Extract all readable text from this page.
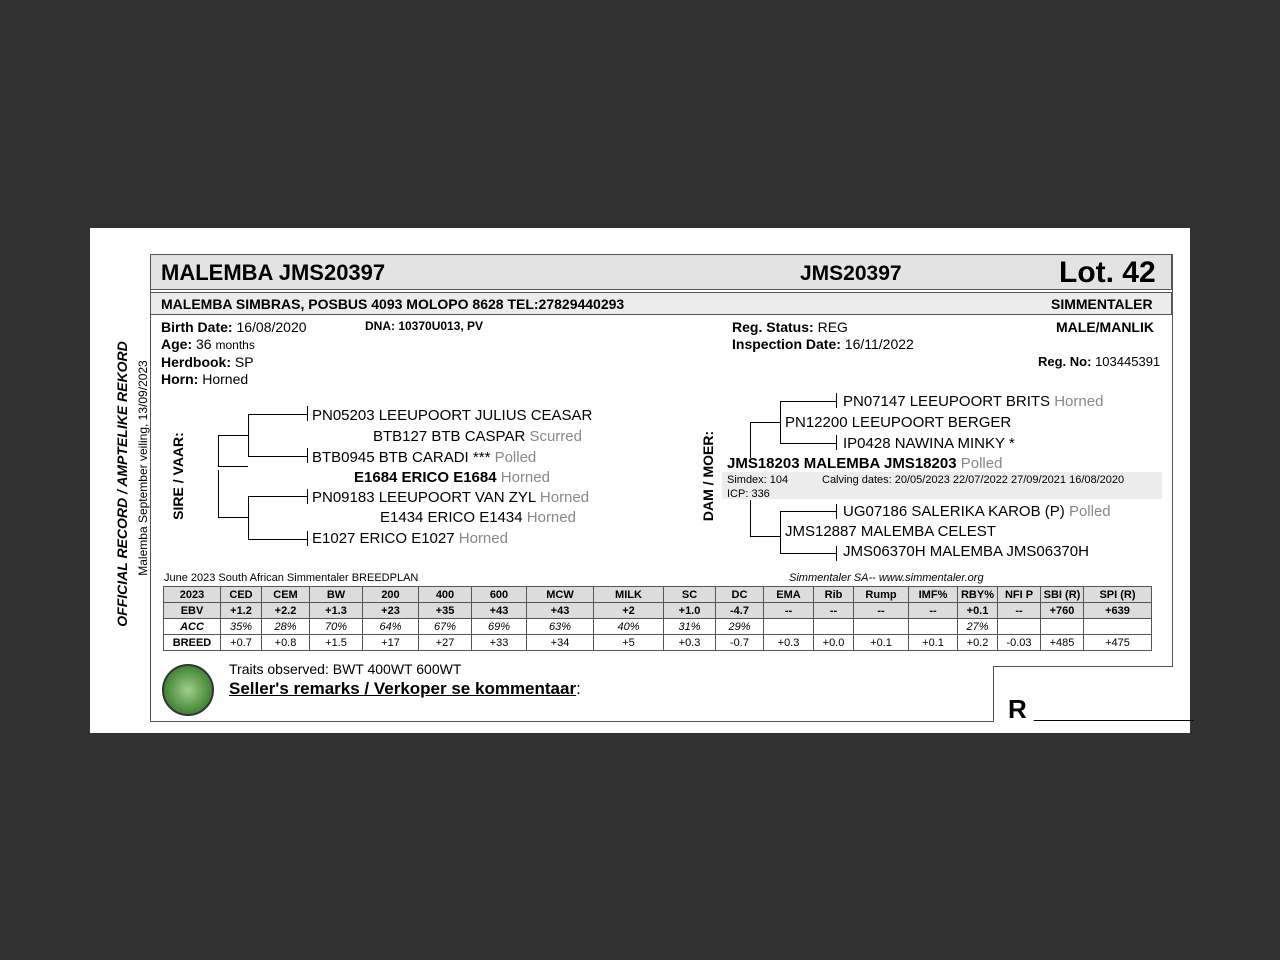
MALEMBA JMS20397	JMS20397	Lot. 42
MALEMBA SIMBRAS, POSBUS 4093 MOLOPO 8628 TEL:27829440293	SIMMENTALER
OFFICIAL RECORD / AMPTELIKE REKORD Malemba September veiling, 13/09/2023
Birth Date: 16/08/2020	DNA: 10370U013, PV
Age: 36 months
Herdbook: SP
Horn: Horned
Reg. Status: REG
Inspection Date: 16/11/2022
MALE/MANLIK
Reg. No: 103445391
SIRE / VAAR:
PN05203 LEEUPOORT JULIUS CEASAR
BTB127 BTB CASPAR Scurred
BTB0945 BTB CARADI *** Polled
E1684 ERICO E1684 Horned
PN09183 LEEUPOORT VAN ZYL Horned
E1434 ERICO E1434 Horned
E1027 ERICO E1027 Horned
DAM / MOER:
PN07147 LEEUPOORT BRITS Horned
PN12200 LEEUPOORT BERGER
IP0428 NAWINA MINKY *
JMS18203 MALEMBA JMS18203 Polled
Simdex: 104	Calving dates: 20/05/2023 22/07/2022 27/09/2021 16/08/2020
ICP: 336
UG07186 SALERIKA KAROB (P) Polled
JMS12887 MALEMBA CELEST
JMS06370H MALEMBA JMS06370H
June 2023 South African Simmentaler BREEDPLAN	Simmentaler SA-- www.simmentaler.org
2023	CED	CEM	BW	200	400	600	MCW	MILK	SC	DC	EMA	Rib	Rump	IMF%	RBY%	NFI P	SBI (R)	SPI (R)
EBV	+1.2	+2.2	+1.3	+23	+35	+43	+43	+2	+1.0	-4.7	--	--	--	--	+0.1	--	+760	+639
ACC	35%	28%	70%	64%	67%	69%	63%	40%	31%	29%					27%			
BREED	+0.7	+0.8	+1.5	+17	+27	+33	+34	+5	+0.3	-0.7	+0.3	+0.0	+0.1	+0.1	+0.2	-0.03	+485	+475
Traits observed: BWT 400WT 600WT
Seller's remarks / Verkoper se kommentaar:
R ___________
